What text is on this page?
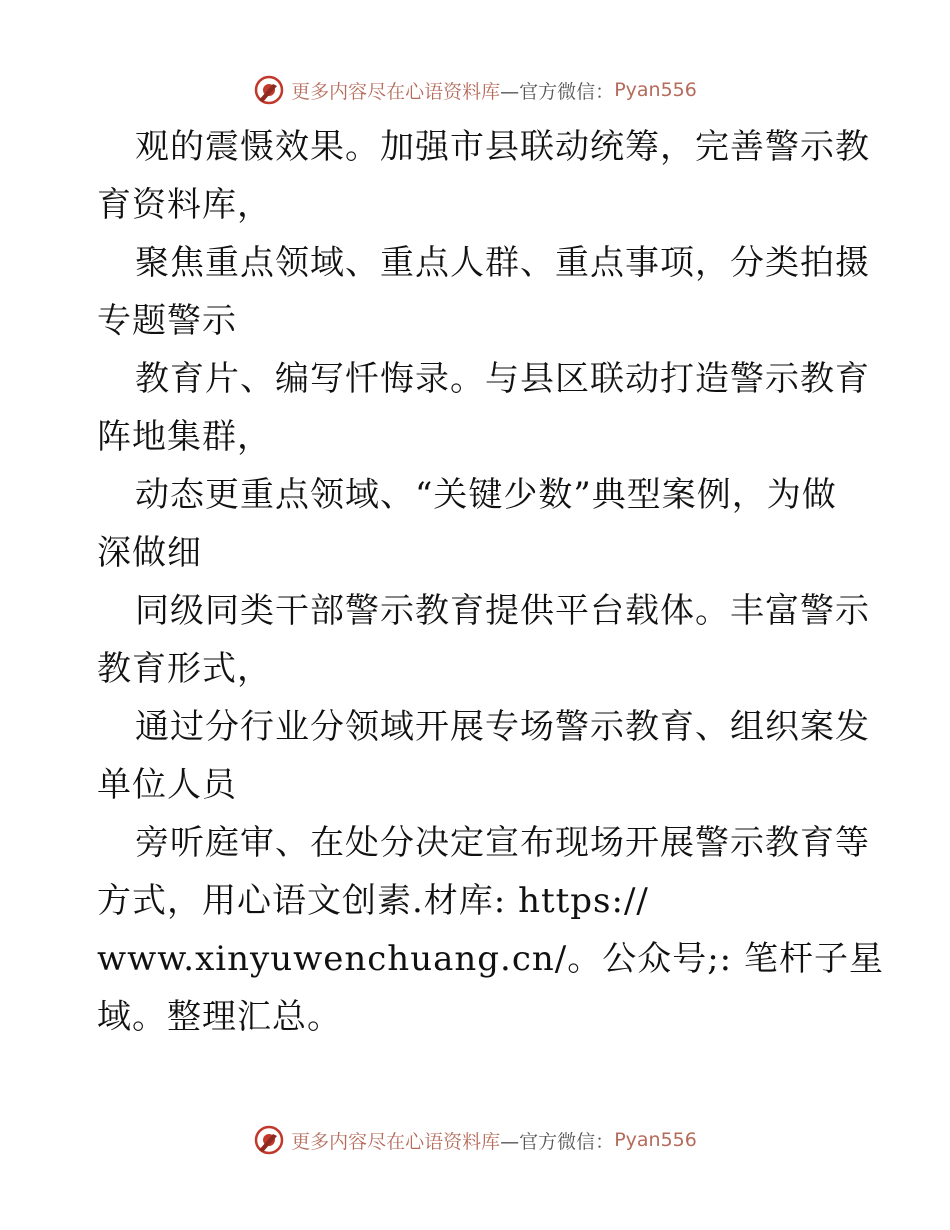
更多内容尽在心语资料库 —官方微信： Pyan556
观的震慑效果。加强市县联动统筹，完善警示教
育资料库，
聚焦重点领域、重点人群、重点事项，分类拍摄
专题警示
教育片、编写忏悔录。与县区联动打造警示教育
阵地集群，
动态更重点领域、“关键少数”典型案例，为做
深做细
同级同类干部警示教育提供平台载体。丰富警示
教育形式，
通过分行业分领域开展专场警示教育、组织案发
单位人员
旁听庭审、在处分决定宣布现场开展警示教育等
方式，用心语文创素.材库: https://
www.xinyuwenchuang.cn/。公众号;: 笔杆子星
域。整理汇总。
更多内容尽在心语资料库 —官方微信： Pyan556
